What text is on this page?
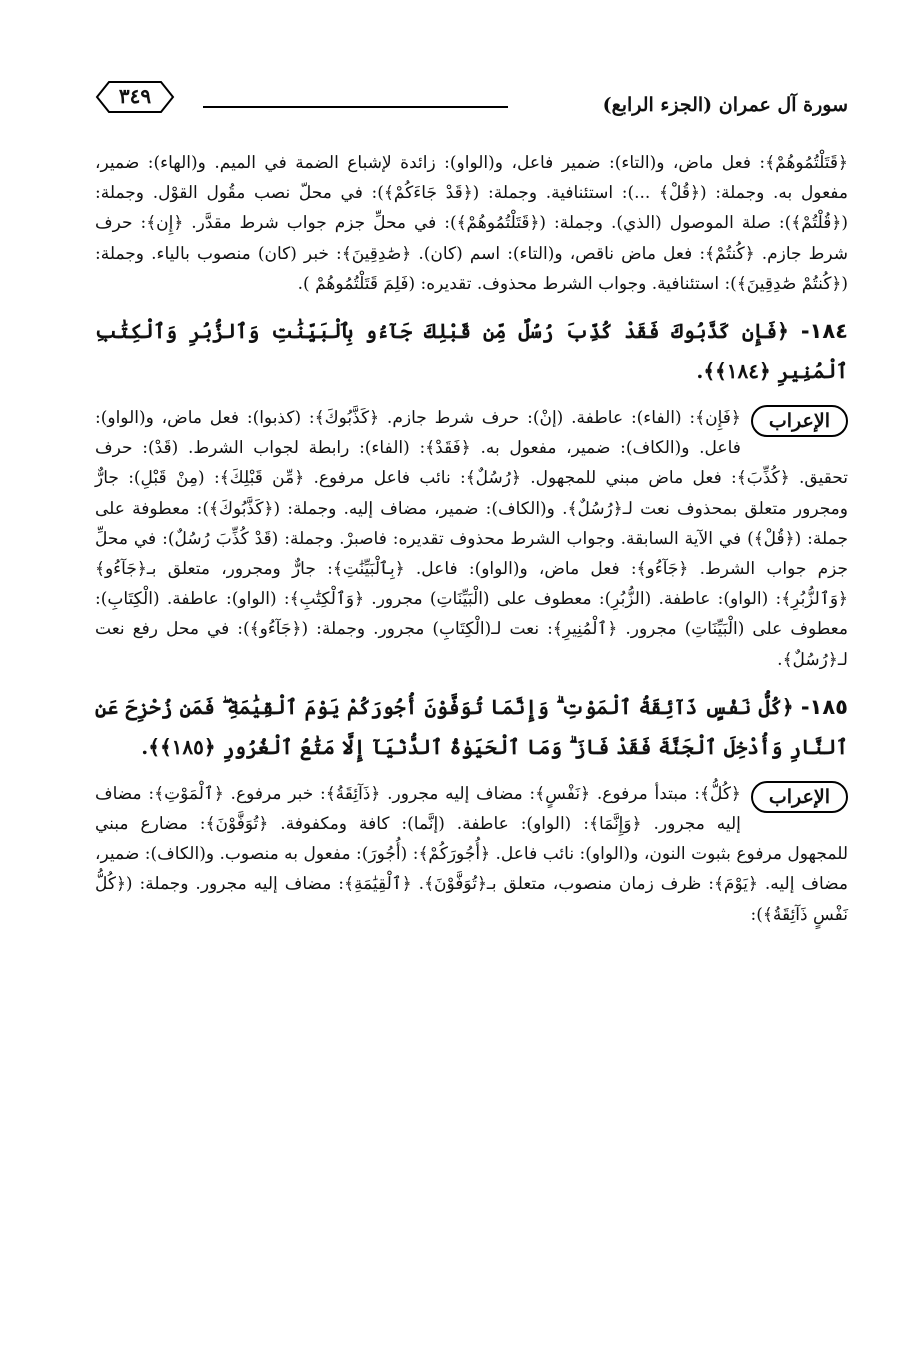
سورة آل عمران (الجزء الرابع)
٣٤٩

﴿قَتَلْتُمُوهُمْ﴾: فعل ماض، و(التاء): ضمير فاعل، و(الواو): زائدة لإشباع الضمة في الميم. و(الهاء): ضمير، مفعول به. وجملة: (﴿قُلْ﴾ ...): استئنافية. وجملة: (﴿قَدْ جَاءَكُمْ﴾): في محلّ نصب مقُول القوْل. وجملة: (﴿قُلْتُمْ﴾): صلة الموصول (الذي). وجملة: (﴿قَتَلْتُمُوهُمْ﴾): في محلِّ جزم جواب شرط مقدَّر. ﴿إِن﴾: حرف شرط جازم. ﴿كُنتُمْ﴾: فعل ماض ناقص، و(التاء): اسم (كان). ﴿صَٰدِقِينَ﴾: خبر (كان) منصوب بالياء. وجملة: (﴿كُنتُمْ صَٰدِقِينَ﴾): استئنافية. وجواب الشرط محذوف. تقديره: (فَلِمَ قَتَلْتُمُوهُمْ ).

١٨٤- ﴿فَإِن كَذَّبُوكَ فَقَدْ كُذِّبَ رُسُلٌ مِّن قَبْلِكَ جَآءُو بِٱلْبَيِّنَٰتِ وَٱلزُّبُرِ وَٱلْكِتَٰبِ ٱلْمُنِيرِ ﴿١٨٤﴾﴾.

الإعراب

﴿فَإِن﴾: (الفاء): عاطفة. (إنْ): حرف شرط جازم. ﴿كَذَّبُوكَ﴾: (كذبوا): فعل ماض، و(الواو): فاعل. و(الكاف): ضمير، مفعول به. ﴿فَقَدْ﴾: (الفاء): رابطة لجواب الشرط. (قَدْ): حرف تحقيق. ﴿كُذِّبَ﴾: فعل ماض مبني للمجهول. ﴿رُسُلٌ﴾: نائب فاعل مرفوع. ﴿مِّن قَبْلِكَ﴾: (مِنْ قَبْلِ): جارٌّ ومجرور متعلق بمحذوف نعت لـ﴿رُسُلٌ﴾. و(الكاف): ضمير، مضاف إليه. وجملة: (﴿كَذَّبُوكَ﴾): معطوفة على جملة: (﴿قُلْ﴾) في الآية السابقة. وجواب الشرط محذوف تقديره: فاصبرْ. وجملة: (قَدْ كُذِّبَ رُسُلٌ): في محلِّ جزم جواب الشرط. ﴿جَآءُو﴾: فعل ماض، و(الواو): فاعل. ﴿بِٱلْبَيِّنَٰتِ﴾: جارٌّ ومجرور، متعلق بـ﴿جَآءُو﴾ ﴿وَٱلزُّبُرِ﴾: (الواو): عاطفة. (الزُّبُرِ): معطوف على (الْبَيِّنَاتِ) مجرور. ﴿وَٱلْكِتَٰبِ﴾: (الواو): عاطفة. (الْكِتَابِ): معطوف على (الْبَيِّنَاتِ) مجرور. ﴿ٱلْمُنِيرِ﴾: نعت لـ(الْكِتَابِ) مجرور. وجملة: (﴿جَآءُو﴾): في محل رفع نعت لـ﴿رُسُلٌ﴾.

١٨٥- ﴿كُلُّ نَفْسٍ ذَآئِقَةُ ٱلْمَوْتِ ۗ وَإِنَّمَا تُوَفَّوْنَ أُجُورَكُمْ يَوْمَ ٱلْقِيَٰمَةِ ۖ فَمَن زُحْزِحَ عَنِ ٱلنَّارِ وَأُدْخِلَ ٱلْجَنَّةَ فَقَدْ فَازَ ۗ وَمَا ٱلْحَيَوٰةُ ٱلدُّنْيَآ إِلَّا مَتَٰعُ ٱلْغُرُورِ ﴿١٨٥﴾﴾.

الإعراب

﴿كُلُّ﴾: مبتدأ مرفوع. ﴿نَفْسٍ﴾: مضاف إليه مجرور. ﴿ذَآئِقَةُ﴾: خبر مرفوع. ﴿ٱلْمَوْتِ﴾: مضاف إليه مجرور. ﴿وَإِنَّمَا﴾: (الواو): عاطفة. (إنَّما): كافة ومكفوفة. ﴿تُوَفَّوْنَ﴾: مضارع مبني للمجهول مرفوع بثبوت النون، و(الواو): نائب فاعل. ﴿أُجُورَكُمْ﴾: (أُجُورَ): مفعول به منصوب. و(الكاف): ضمير، مضاف إليه. ﴿يَوْمَ﴾: ظرف زمان منصوب، متعلق بـ﴿تُوَفَّوْنَ﴾. ﴿ٱلْقِيَٰمَةِ﴾: مضاف إليه مجرور. وجملة: (﴿كُلُّ نَفْسٍ ذَآئِقَةُ﴾):
